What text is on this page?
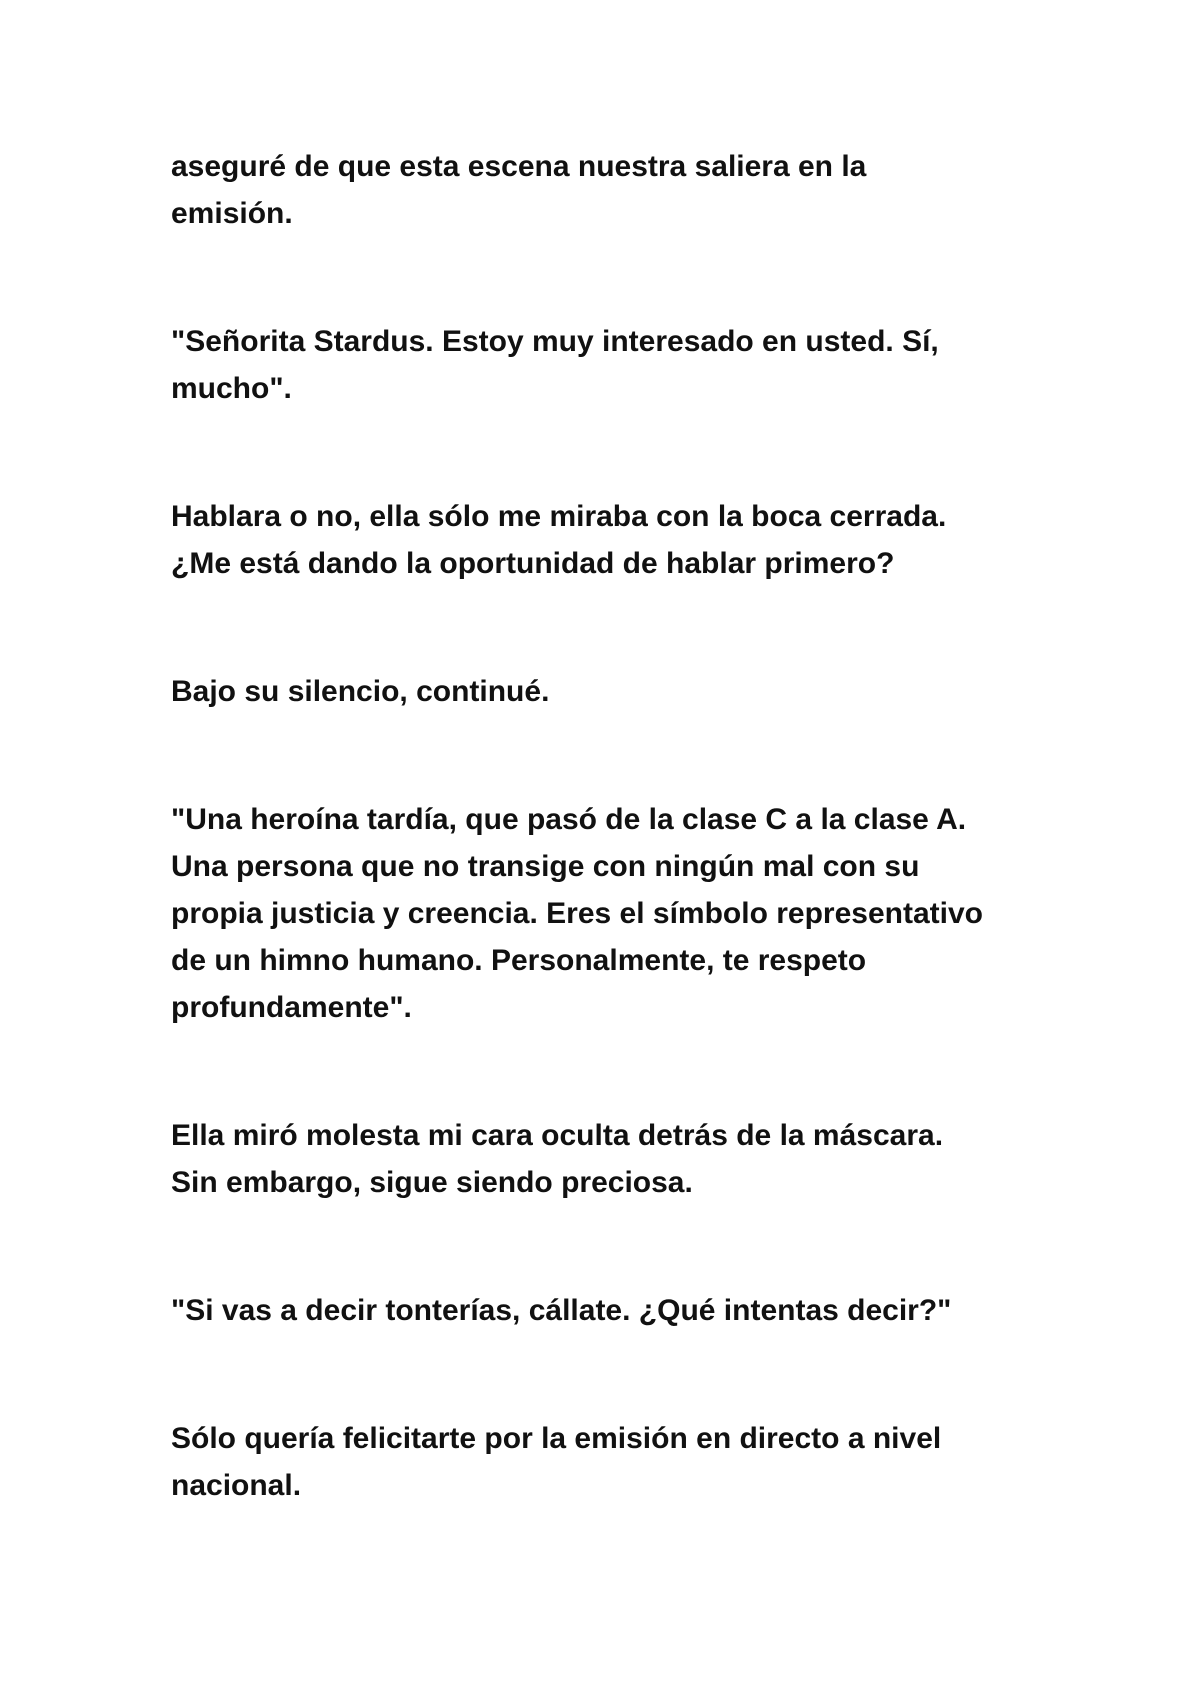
aseguré de que esta escena nuestra saliera en la
emisión.

"Señorita Stardus. Estoy muy interesado en usted. Sí,
mucho".

Hablara o no, ella sólo me miraba con la boca cerrada.
¿Me está dando la oportunidad de hablar primero?

Bajo su silencio, continué.

"Una heroína tardía, que pasó de la clase C a la clase A.
Una persona que no transige con ningún mal con su
propia justicia y creencia. Eres el símbolo representativo
de un himno humano. Personalmente, te respeto
profundamente".

Ella miró molesta mi cara oculta detrás de la máscara.
Sin embargo, sigue siendo preciosa.

"Si vas a decir tonterías, cállate. ¿Qué intentas decir?"

Sólo quería felicitarte por la emisión en directo a nivel
nacional.
